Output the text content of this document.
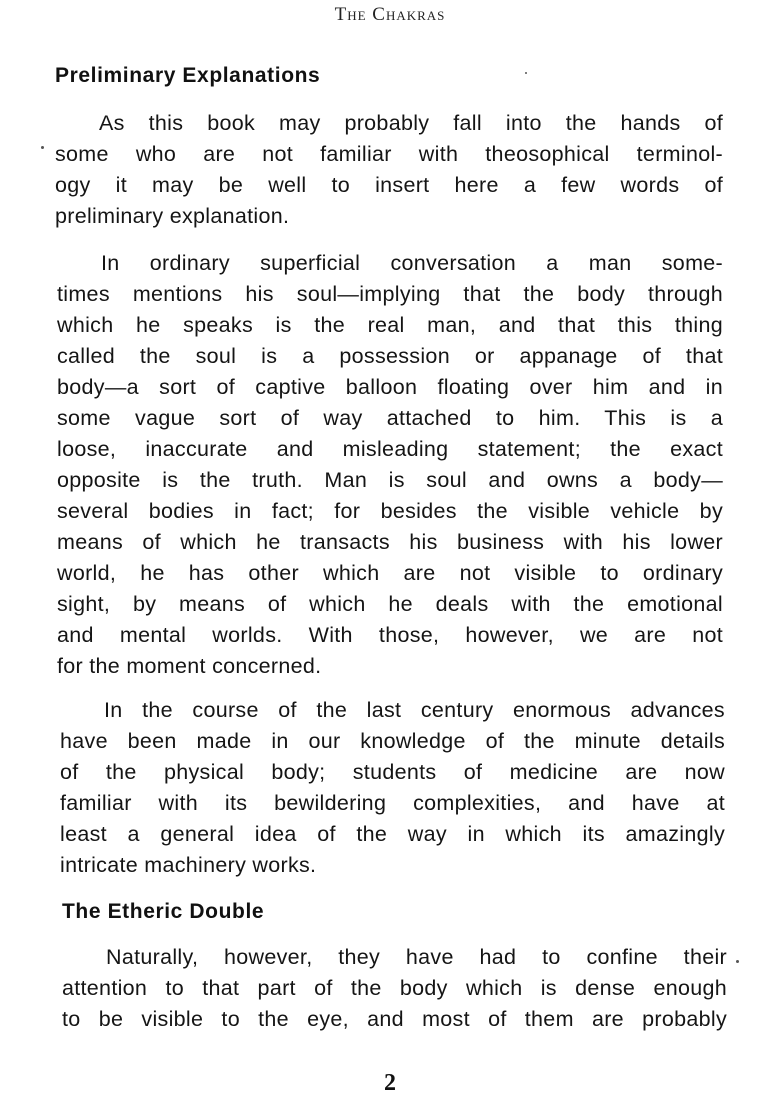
The Chakras
Preliminary Explanations

As this book may probably fall into the hands of
some who are not familiar with theosophical terminol-
ogy it may be well to insert here a few words of
preliminary explanation.

In ordinary superficial conversation a man some-
times mentions his soul—implying that the body through
which he speaks is the real man, and that this thing
called the soul is a possession or appanage of that
body—a sort of captive balloon floating over him and in
some vague sort of way attached to him. This is a
loose, inaccurate and misleading statement; the exact
opposite is the truth. Man is soul and owns a body—
several bodies in fact; for besides the visible vehicle by
means of which he transacts his business with his lower
world, he has other which are not visible to ordinary
sight, by means of which he deals with the emotional
and mental worlds. With those, however, we are not
for the moment concerned.

In the course of the last century enormous advances
have been made in our knowledge of the minute details
of the physical body; students of medicine are now
familiar with its bewildering complexities, and have at
least a general idea of the way in which its amazingly
intricate machinery works.

The Etheric Double

Naturally, however, they have had to confine their
attention to that part of the body which is dense enough
to be visible to the eye, and most of them are probably

2
